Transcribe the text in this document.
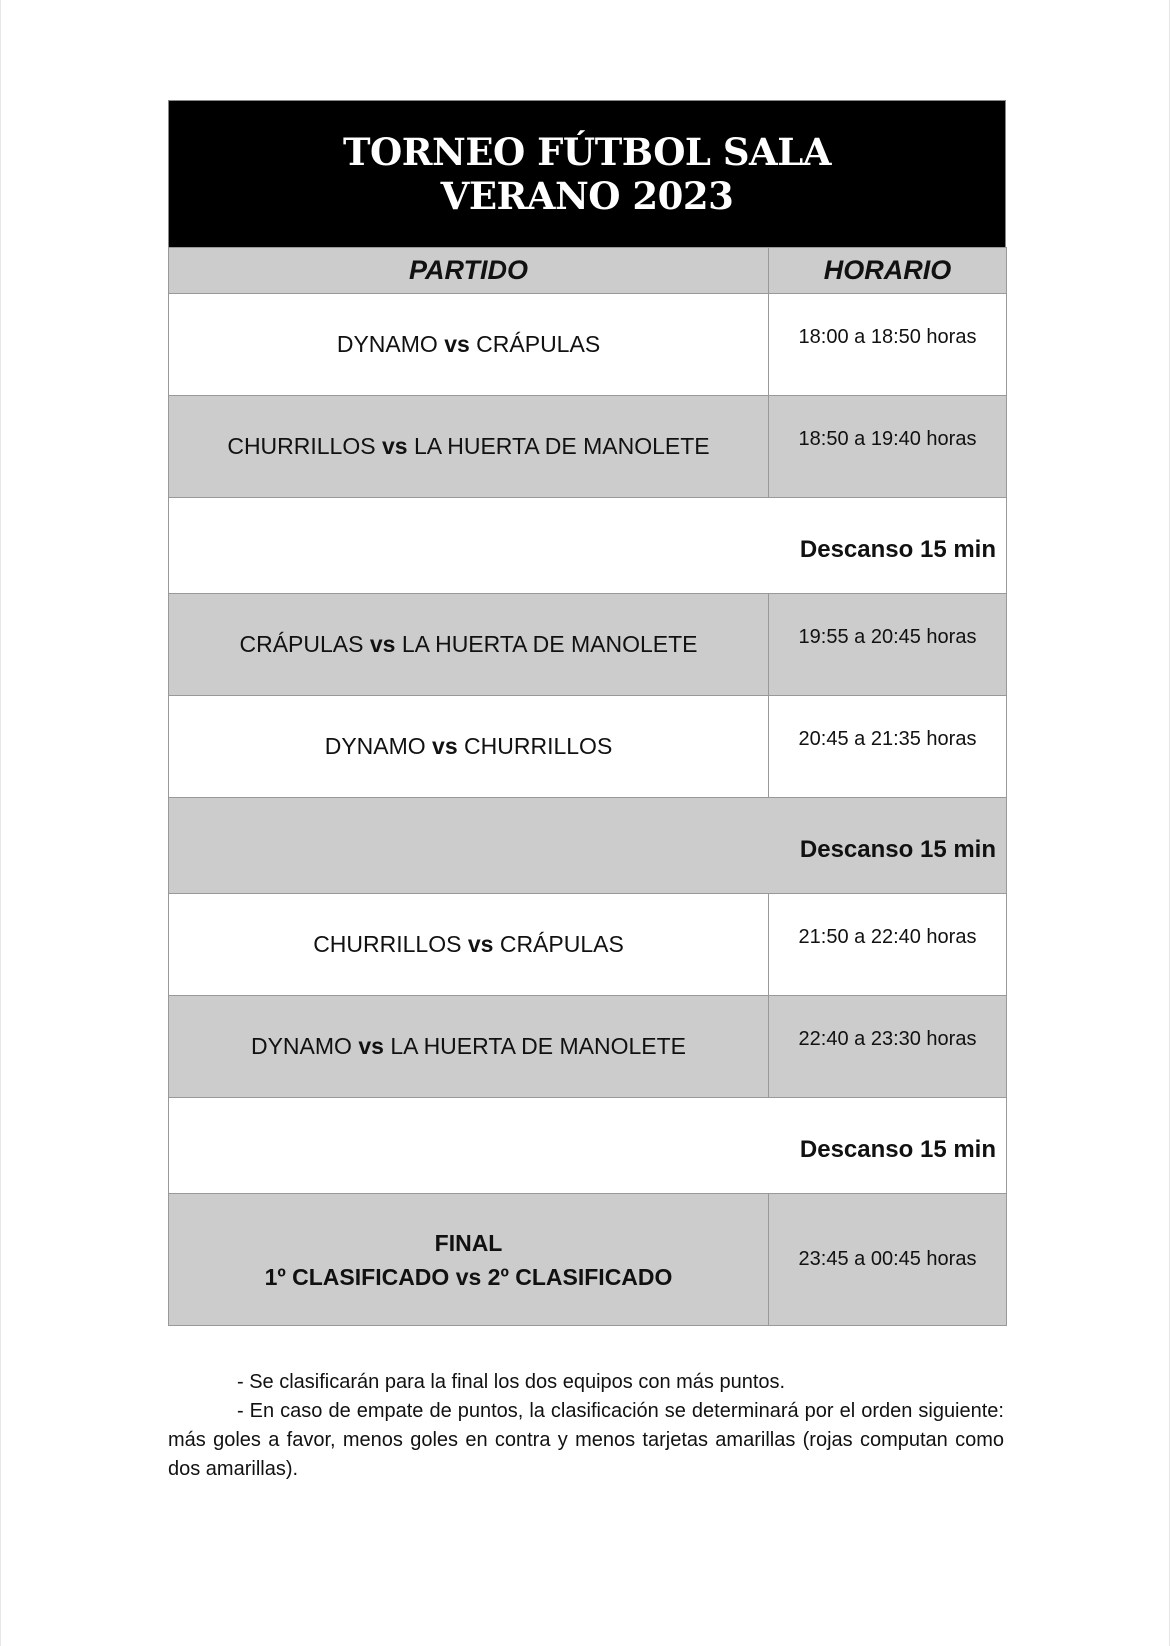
TORNEO FÚTBOL SALA
VERANO 2023
PARTIDO	HORARIO
DYNAMO vs CRÁPULAS	18:00 a 18:50 horas
CHURRILLOS vs LA HUERTA DE MANOLETE	18:50 a 19:40 horas
Descanso 15 min	
CRÁPULAS vs LA HUERTA DE MANOLETE	19:55 a 20:45 horas
DYNAMO vs CHURRILLOS	20:45 a 21:35 horas
Descanso 15 min	
CHURRILLOS vs CRÁPULAS	21:50 a 22:40 horas
DYNAMO vs LA HUERTA DE MANOLETE	22:40 a 23:30 horas
Descanso 15 min	

FINAL
1º CLASIFICADO vs 2º CLASIFICADO	23:45 a 00:45 horas

- Se clasificarán para la final los dos equipos con más puntos.

- En caso de empate de puntos, la clasificación se determinará por el orden siguiente: más goles a favor, menos goles en contra y menos tarjetas amarillas (rojas computan como dos amarillas).
